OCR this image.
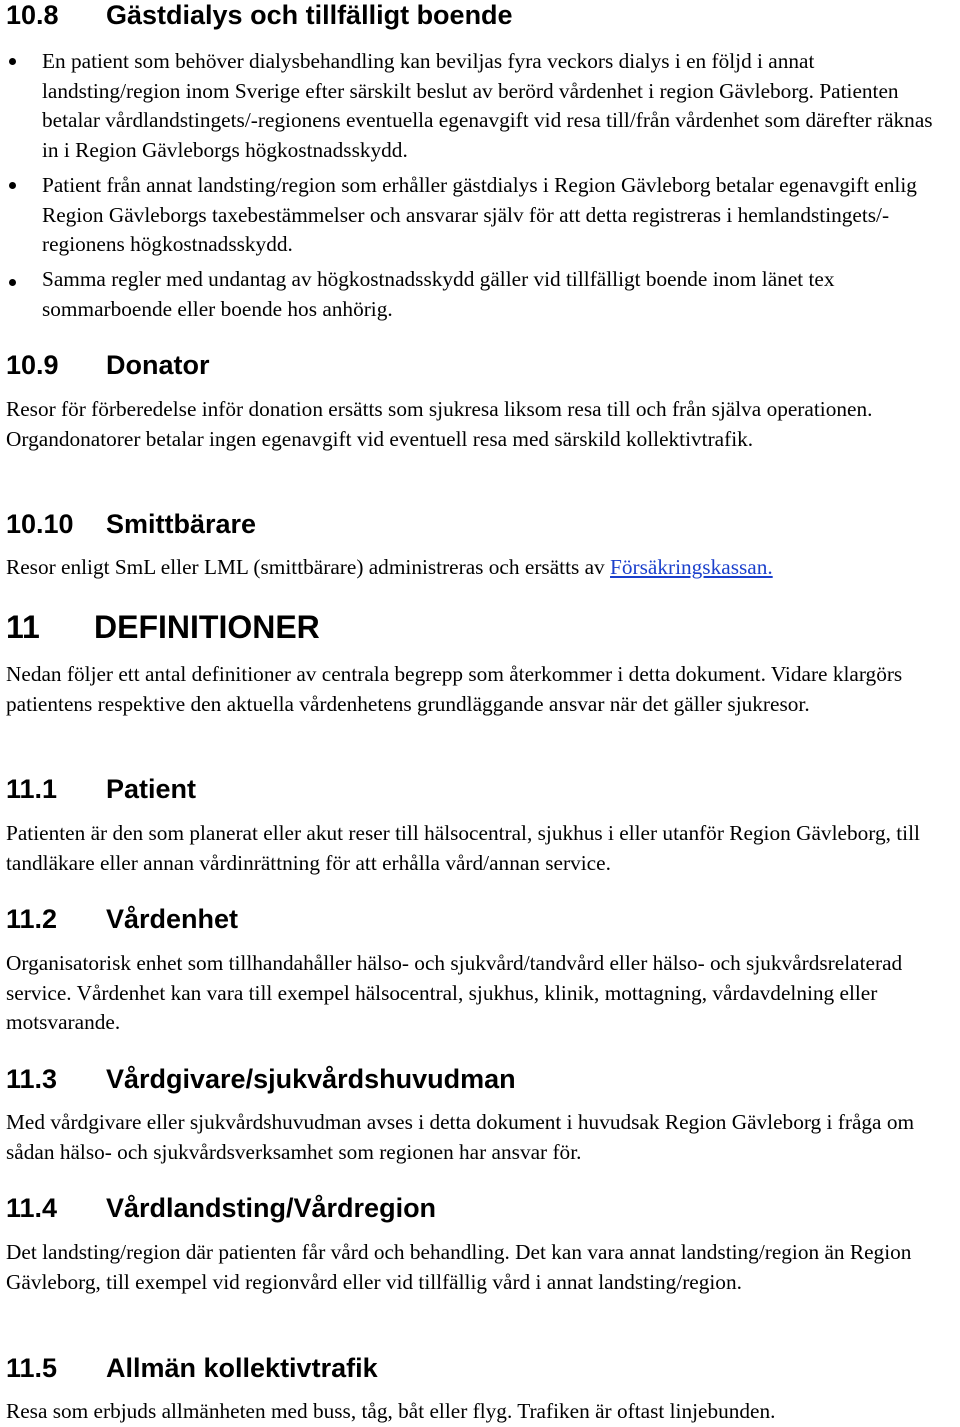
10.8 Gästdialys och tillfälligt boende

En patient som behöver dialysbehandling kan beviljas fyra veckors dialys i en följd i annat landsting/region inom Sverige efter särskilt beslut av berörd vårdenhet i region Gävleborg. Patienten betalar vårdlandstingets/-regionens eventuella egenavgift vid resa till/från vårdenhet som därefter räknas in i Region Gävleborgs högkostnadsskydd.

Patient från annat landsting/region som erhåller gästdialys i Region Gävleborg betalar egenavgift enlig Region Gävleborgs taxebestämmelser och ansvarar själv för att detta registreras i hemlandstingets/-regionens högkostnadsskydd.

Samma regler med undantag av högkostnadsskydd gäller vid tillfälligt boende inom länet tex sommarboende eller boende hos anhörig.

10.9 Donator

Resor för förberedelse inför donation ersätts som sjukresa liksom resa till och från själva operationen. Organdonatorer betalar ingen egenavgift vid eventuell resa med särskild kollektivtrafik.

10.10 Smittbärare

Resor enligt SmL eller LML (smittbärare) administreras och ersätts av Försäkringskassan.

11 DEFINITIONER

Nedan följer ett antal definitioner av centrala begrepp som återkommer i detta dokument. Vidare klargörs patientens respektive den aktuella vårdenhetens grundläggande ansvar när det gäller sjukresor.

11.1 Patient

Patienten är den som planerat eller akut reser till hälsocentral, sjukhus i eller utanför Region Gävleborg, till tandläkare eller annan vårdinrättning för att erhålla vård/annan service.

11.2 Vårdenhet

Organisatorisk enhet som tillhandahåller hälso- och sjukvård/tandvård eller hälso- och sjukvårdsrelaterad service. Vårdenhet kan vara till exempel hälsocentral, sjukhus, klinik, mottagning, vårdavdelning eller motsvarande.

11.3 Vårdgivare/sjukvårdshuvudman

Med vårdgivare eller sjukvårdshuvudman avses i detta dokument i huvudsak Region Gävleborg i fråga om sådan hälso- och sjukvårdsverksamhet som regionen har ansvar för.

11.4 Vårdlandsting/Vårdregion

Det landsting/region där patienten får vård och behandling. Det kan vara annat landsting/region än Region Gävleborg, till exempel vid regionvård eller vid tillfällig vård i annat landsting/region.

11.5 Allmän kollektivtrafik

Resa som erbjuds allmänheten med buss, tåg, båt eller flyg. Trafiken är oftast linjebunden.
